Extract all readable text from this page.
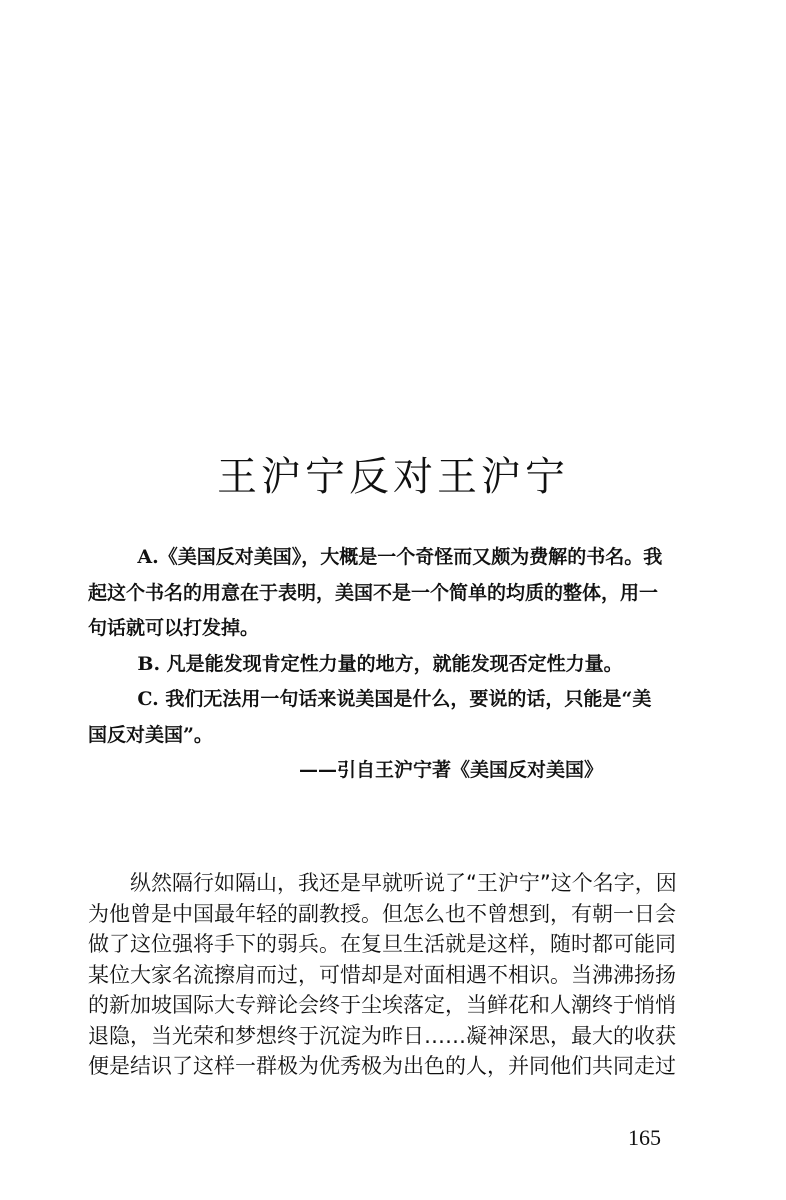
王沪宁反对王沪宁

A.《美国反对美国》，大概是一个奇怪而又颇为费解的书名。我起这个书名的用意在于表明，美国不是一个简单的均质的整体，用一句话就可以打发掉。

B. 凡是能发现肯定性力量的地方，就能发现否定性力量。

C. 我们无法用一句话来说美国是什么，要说的话，只能是“美国反对美国”。

——引自王沪宁著《美国反对美国》

纵然隔行如隔山，我还是早就听说了“王沪宁”这个名字，因为他曾是中国最年轻的副教授。但怎么也不曾想到，有朝一日会做了这位强将手下的弱兵。在复旦生活就是这样，随时都可能同某位大家名流擦肩而过，可惜却是对面相遇不相识。当沸沸扬扬的新加坡国际大专辩论会终于尘埃落定，当鲜花和人潮终于悄悄退隐，当光荣和梦想终于沉淀为昨日……凝神深思，最大的收获便是结识了这样一群极为优秀极为出色的人，并同他们共同走过

165
